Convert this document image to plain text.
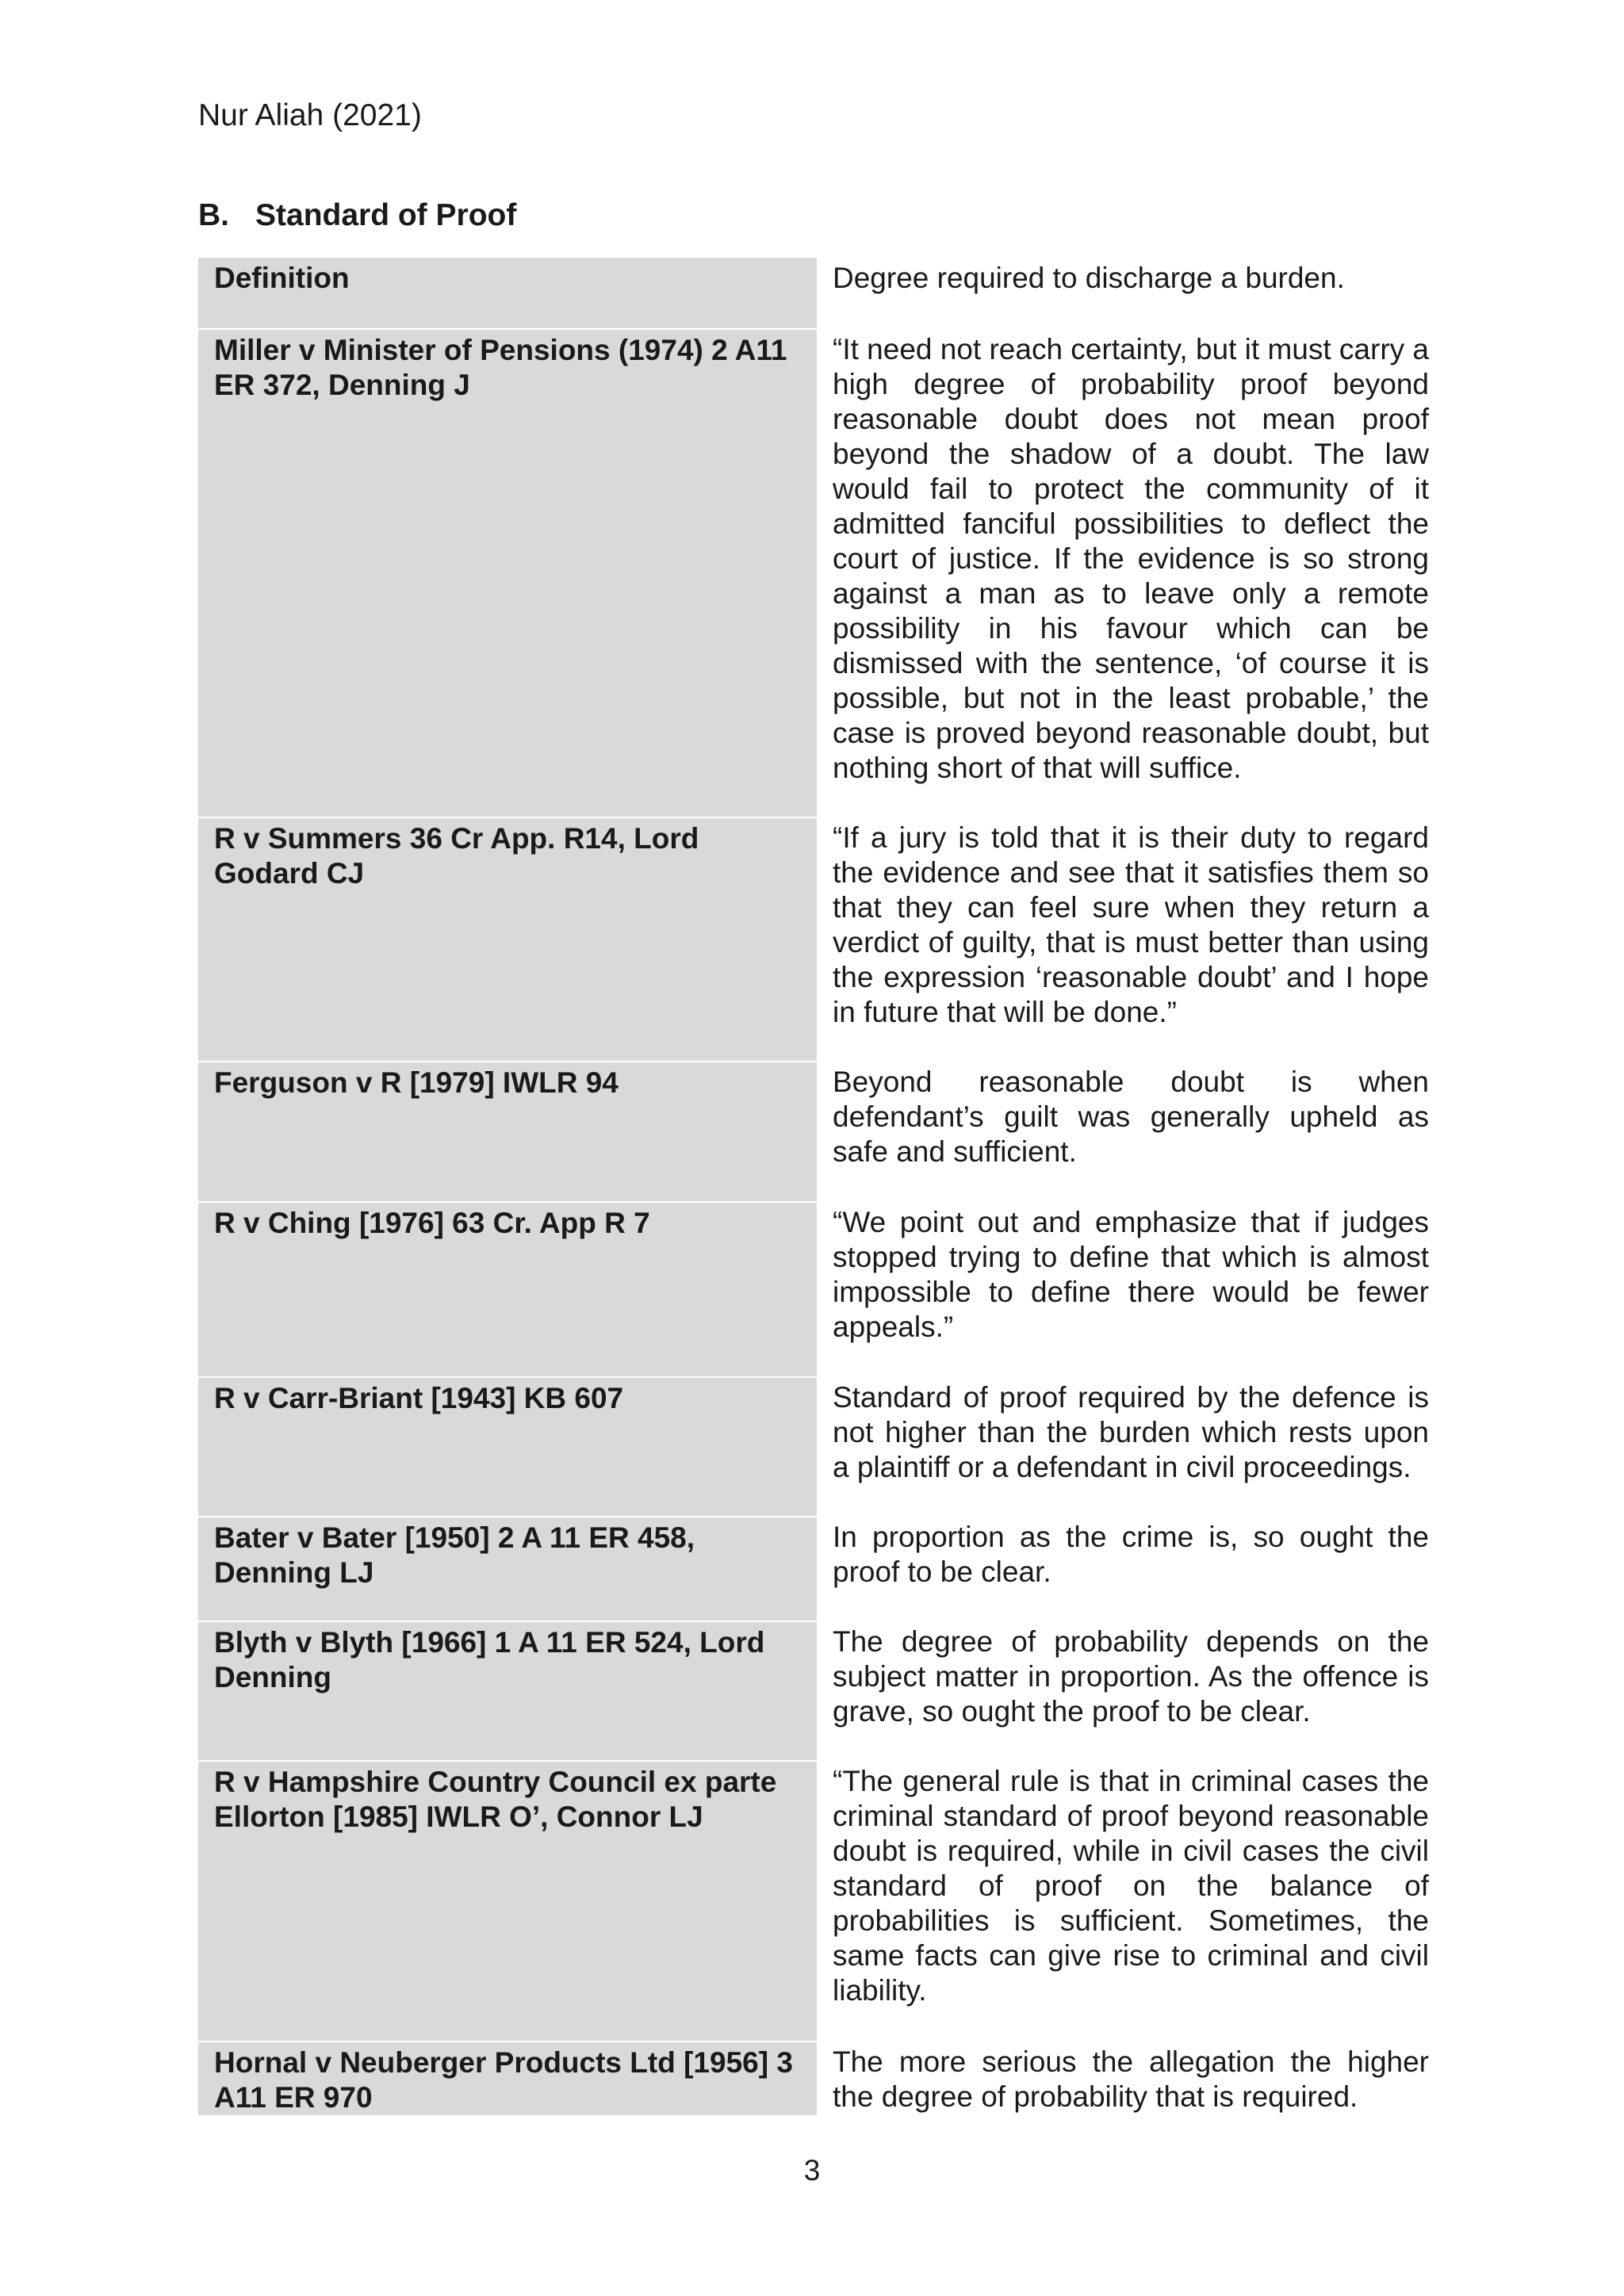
Nur Aliah (2021)
B. Standard of Proof
Definition	Degree required to discharge a burden.
Miller v Minister of Pensions (1974) 2 A11 ER 372, Denning J	“It need not reach certainty, but it must carry a high degree of probability proof beyond reasonable doubt does not mean proof beyond the shadow of a doubt. The law would fail to protect the community of it admitted fanciful possibilities to deflect the court of justice. If the evidence is so strong against a man as to leave only a remote possibility in his favour which can be dismissed with the sentence, ‘of course it is possible, but not in the least probable,’ the case is proved beyond reasonable doubt, but nothing short of that will suffice.
R v Summers 36 Cr App. R14, Lord Godard CJ	“If a jury is told that it is their duty to regard the evidence and see that it satisfies them so that they can feel sure when they return a verdict of guilty, that is must better than using the expression ‘reasonable doubt’ and I hope in future that will be done.”
Ferguson v R [1979] IWLR 94	Beyond reasonable doubt is when defendant’s guilt was generally upheld as safe and sufficient.
R v Ching [1976] 63 Cr. App R 7	“We point out and emphasize that if judges stopped trying to define that which is almost impossible to define there would be fewer appeals.”
R v Carr-Briant [1943] KB 607	Standard of proof required by the defence is not higher than the burden which rests upon a plaintiff or a defendant in civil proceedings.
Bater v Bater [1950] 2 A 11 ER 458, Denning LJ	In proportion as the crime is, so ought the proof to be clear.
Blyth v Blyth [1966] 1 A 11 ER 524, Lord Denning	The degree of probability depends on the subject matter in proportion. As the offence is grave, so ought the proof to be clear.
R v Hampshire Country Council ex parte Ellorton [1985] IWLR O’, Connor LJ	“The general rule is that in criminal cases the criminal standard of proof beyond reasonable doubt is required, while in civil cases the civil standard of proof on the balance of probabilities is sufficient. Sometimes, the same facts can give rise to criminal and civil liability.
Hornal v Neuberger Products Ltd [1956] 3 A11 ER 970	The more serious the allegation the higher the degree of probability that is required.
3
